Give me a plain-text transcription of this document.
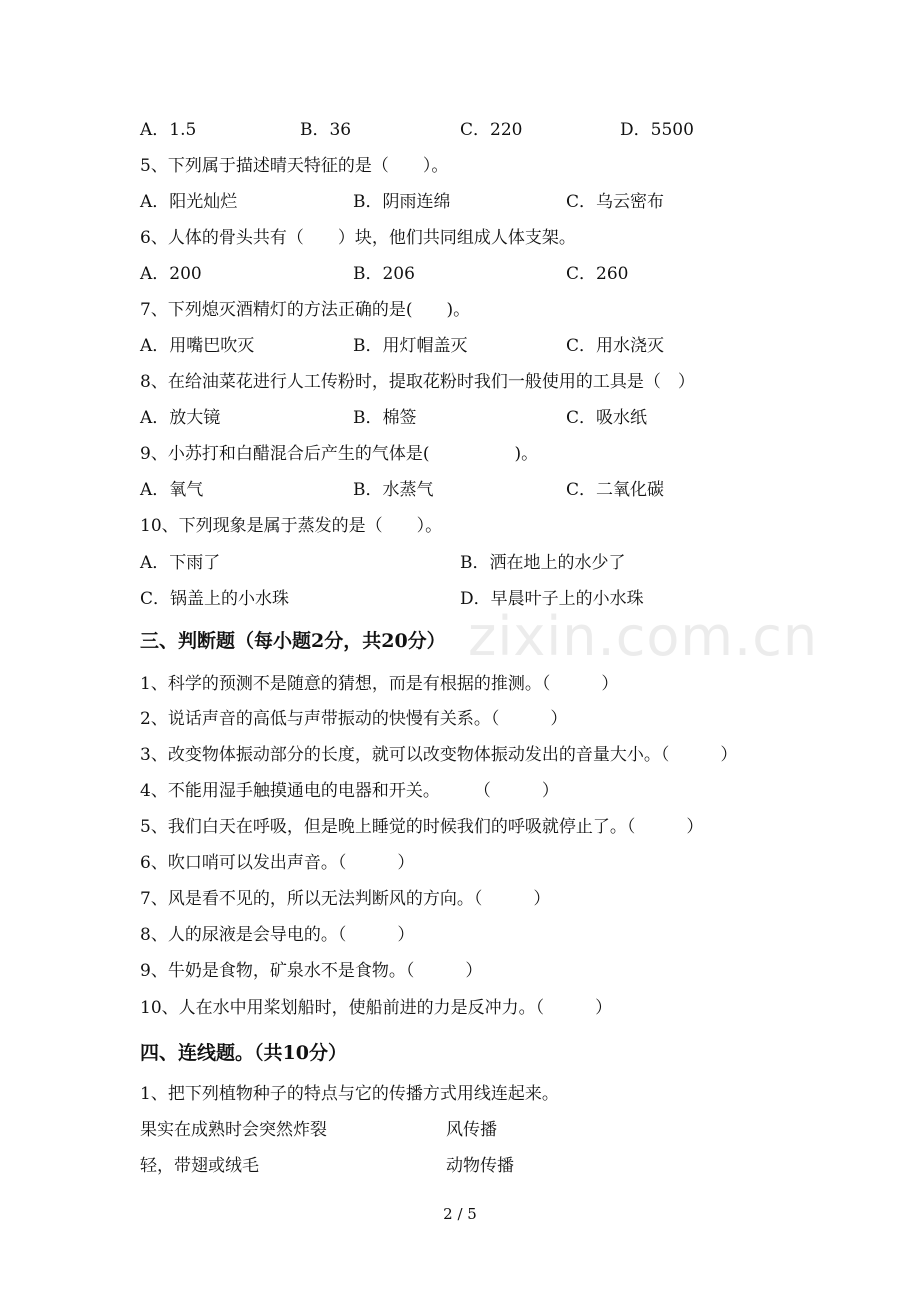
zixin.com.cn
A．1.5	B．36	C．220	D．5500
5、下列属于描述晴天特征的是（　　）。
A．阳光灿烂	B．阴雨连绵	C．乌云密布
6、人体的骨头共有（　　）块，他们共同组成人体支架。
A．200	B．206	C．260
7、下列熄灭酒精灯的方法正确的是(　　)。
A．用嘴巴吹灭	B．用灯帽盖灭	C．用水浇灭
8、在给油菜花进行人工传粉时，提取花粉时我们一般使用的工具是（　）
A．放大镜	B．棉签	C．吸水纸
9、小苏打和白醋混合后产生的气体是(　　　　　)。
A．氧气	B．水蒸气	C．二氧化碳
10、下列现象是属于蒸发的是（　　）。
A．下雨了	B．洒在地上的水少了
C．锅盖上的小水珠	D．早晨叶子上的小水珠
三、判断题（每小题2分，共20分）
1、科学的预测不是随意的猜想，而是有根据的推测。（　　　）
2、说话声音的高低与声带振动的快慢有关系。（　　　）
3、改变物体振动部分的长度，就可以改变物体振动发出的音量大小。（　　　）
4、不能用湿手触摸通电的电器和开关。　　　（　　　）
5、我们白天在呼吸，但是晚上睡觉的时候我们的呼吸就停止了。（　　　）
6、吹口哨可以发出声音。（　　　）
7、风是看不见的，所以无法判断风的方向。（　　　）
8、人的尿液是会导电的。（　　　）
9、牛奶是食物，矿泉水不是食物。（　　　）
10、人在水中用桨划船时，使船前进的力是反冲力。（　　　）
四、连线题。（共10分）
1、把下列植物种子的特点与它的传播方式用线连起来。
果实在成熟时会突然炸裂	风传播
轻，带翅或绒毛	动物传播
2 / 5
